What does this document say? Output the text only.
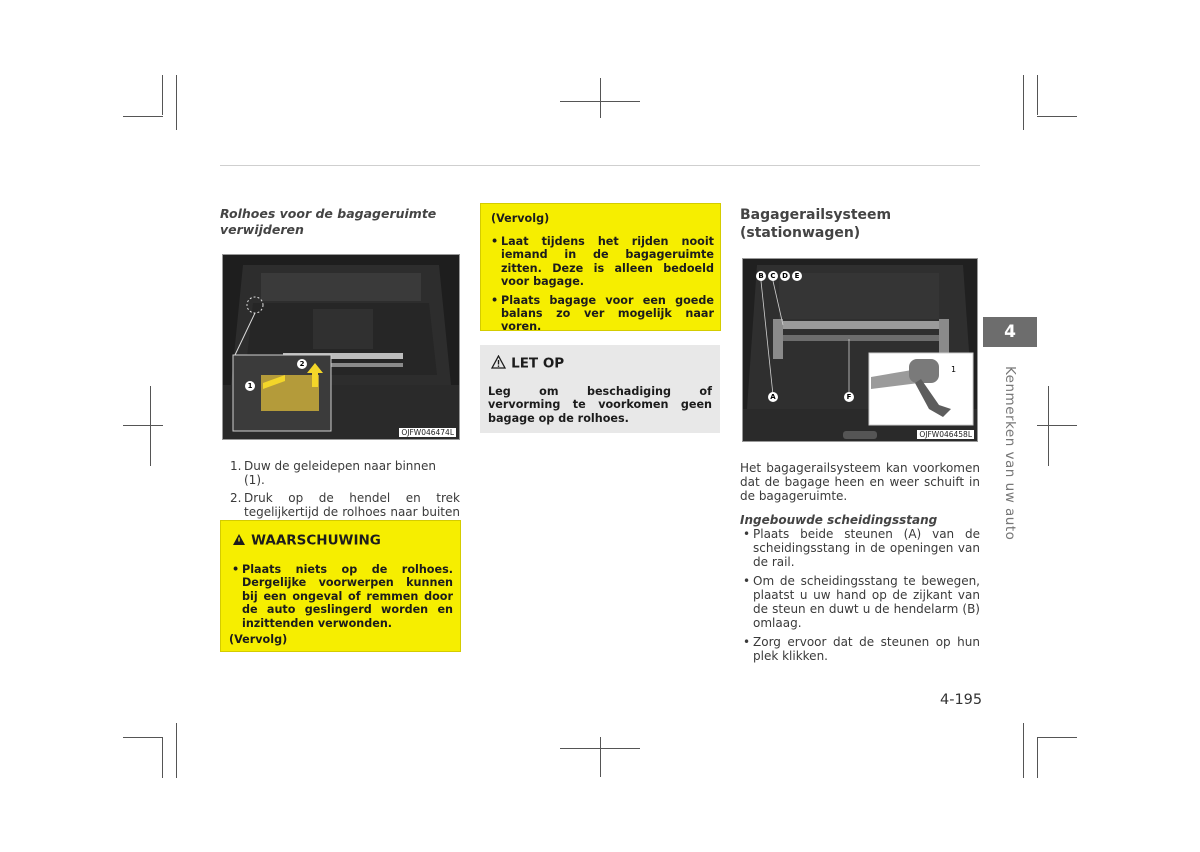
Rolhoes voor de bagageruimte verwijderen
1
2
OJFW046474L
1. Duw de geleidepen naar binnen (1).
2. Druk op de hendel en trek tegelijkertijd de rolhoes naar buiten
WAARSCHUWING
• Plaats niets op de rolhoes. Dergelijke voorwerpen kunnen bij een ongeval of remmen door de auto geslingerd worden en inzittenden verwonden.
(Vervolg)
(Vervolg)
• Laat tijdens het rijden nooit iemand in de bagageruimte zitten. Deze is alleen bedoeld voor bagage.
• Plaats bagage voor een goede balans zo ver mogelijk naar voren.
LET OP
Leg om beschadiging of vervorming te voorkomen geen bagage op de rolhoes.
Bagagerailsysteem
(stationwagen)
B C D E
A	F
1
OJFW046458L
Het bagagerailsysteem kan voorkomen dat de bagage heen en weer schuift in de bagageruimte.
Ingebouwde scheidingsstang
• Plaats beide steunen (A) van de scheidingsstang in de openingen van de rail.
• Om de scheidingsstang te bewegen, plaatst u uw hand op de zijkant van de steun en duwt u de hendelarm (B) omlaag.
• Zorg ervoor dat de steunen op hun plek klikken.
4
Kenmerken van uw auto
4-195
